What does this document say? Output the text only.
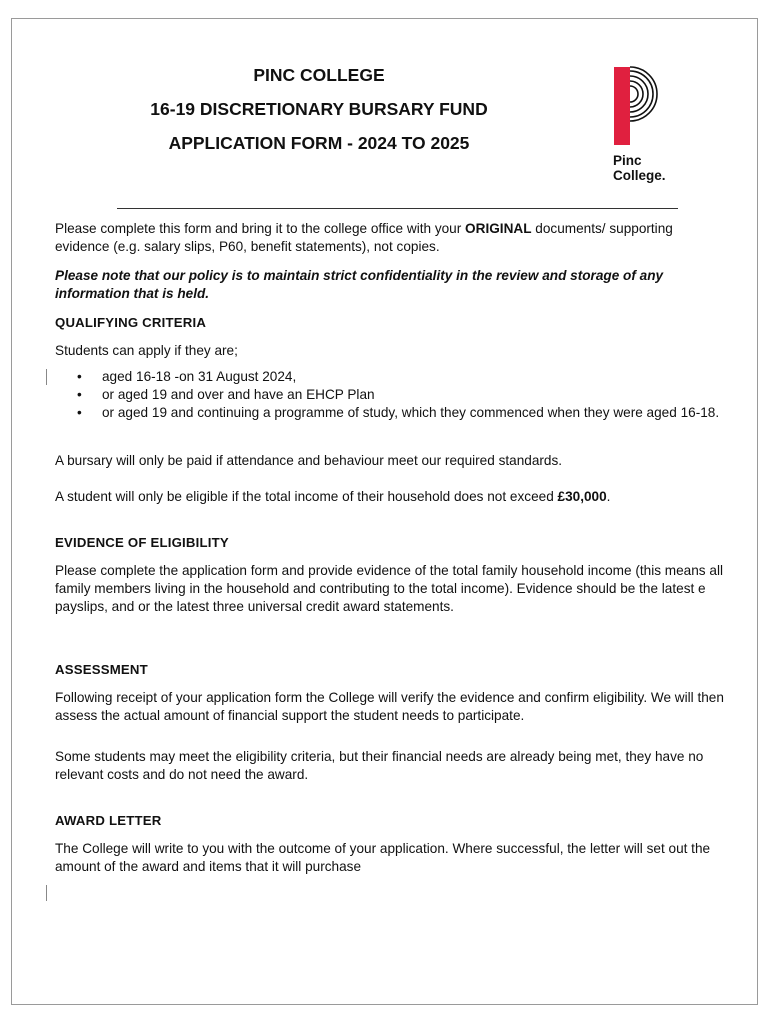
PINC COLLEGE
16-19 DISCRETIONARY BURSARY FUND
APPLICATION FORM - 2024 TO 2025
Pinc
College.
Please complete this form and bring it to the college office with your ORIGINAL documents/ supporting evidence (e.g. salary slips, P60, benefit statements), not copies.
Please note that our policy is to maintain strict confidentiality in the review and storage of any information that is held.
QUALIFYING CRITERIA
Students can apply if they are;
• aged 16-18 -on 31 August 2024,
• or aged 19 and over and have an EHCP Plan
• or aged 19 and continuing a programme of study, which they commenced when they were aged 16-18.
A bursary will only be paid if attendance and behaviour meet our required standards.
A student will only be eligible if the total income of their household does not exceed £30,000.
EVIDENCE OF ELIGIBILITY
Please complete the application form and provide evidence of the total family household income (this means all family members living in the household and contributing to the total income). Evidence should be the latest e payslips, and or the latest three universal credit award statements.
ASSESSMENT
Following receipt of your application form the College will verify the evidence and confirm eligibility. We will then assess the actual amount of financial support the student needs to participate.
Some students may meet the eligibility criteria, but their financial needs are already being met, they have no relevant costs and do not need the award.
AWARD LETTER
The College will write to you with the outcome of your application. Where successful, the letter will set out the amount of the award and items that it will purchase
